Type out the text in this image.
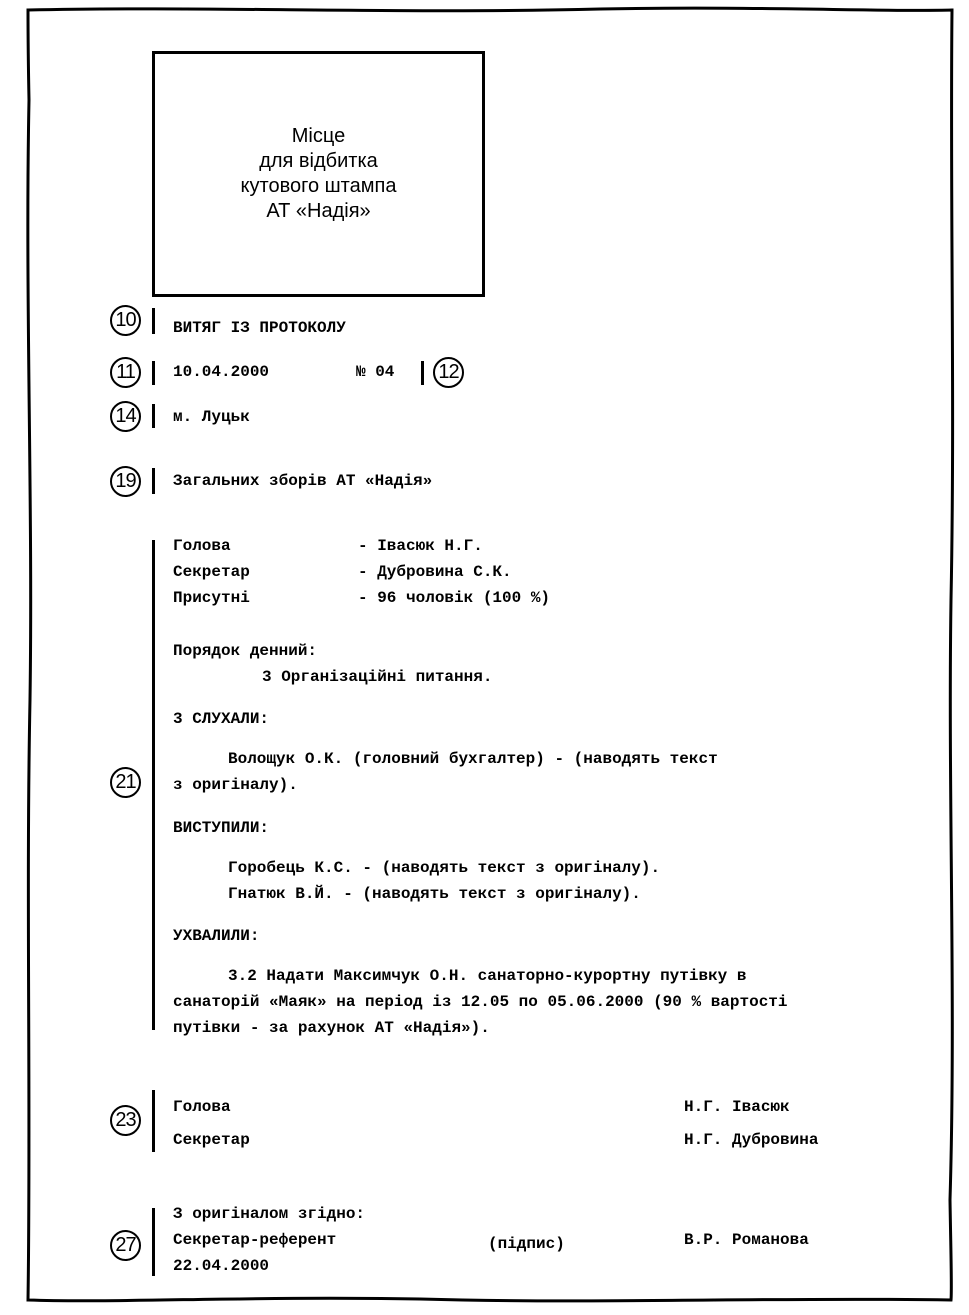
Місце
для відбитка
кутового штампа
АТ «Надія»
10	ВИТЯГ ІЗ ПРОТОКОЛУ
11	10.04.2000	№ 04 12
14	м. Луцьк
19	Загальних зборів АТ «Надія»
21
Голова	- Івасюк Н.Г.
Секретар	- Дубровина С.К.
Присутні	- 96 чоловік (100 %)
Порядок денний:
3 Організаційні питання.
3 СЛУХАЛИ:
Волощук О.К. (головний бухгалтер) - (наводять текст
з оригіналу).
ВИСТУПИЛИ:
Горобець К.С. - (наводять текст з оригіналу).
Гнатюк В.Й. - (наводять текст з оригіналу).
УХВАЛИЛИ:
3.2 Надати Максимчук О.Н. санаторно-курортну путівку в
санаторій «Маяк» на період із 12.05 по 05.06.2000 (90 % вартості
путівки - за рахунок АТ «Надія»).
23
Голова	Н.Г. Івасюк
Секретар	Н.Г. Дубровина
27
З оригіналом згідно:
Секретар-референт	(підпис)	В.Р. Романова
22.04.2000
